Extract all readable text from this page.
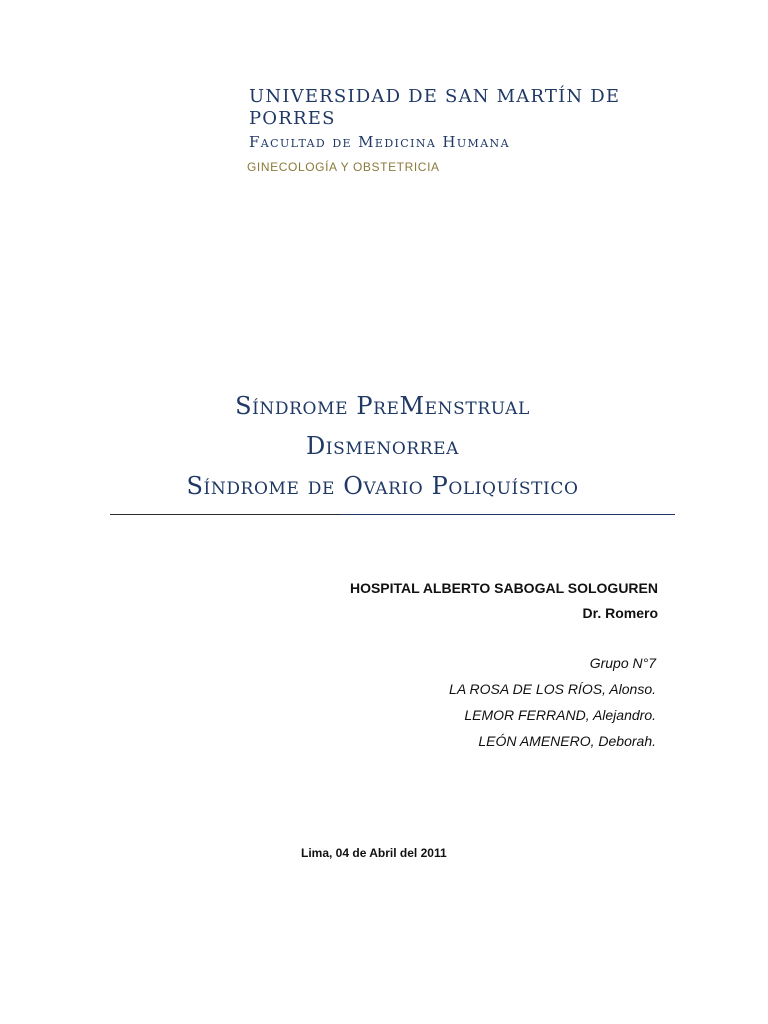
UNIVERSIDAD DE SAN MARTÍN DE PORRES
Facultad de Medicina Humana
GINECOLOGÍA Y OBSTETRICIA
Síndrome PreMenstrual
Dismenorrea
Síndrome de Ovario Poliquístico
HOSPITAL ALBERTO SABOGAL SOLOGUREN
Dr. Romero
Grupo N°7
LA ROSA DE LOS RÍOS, Alonso.
LEMOR FERRAND, Alejandro.
LEÓN AMENERO, Deborah.
Lima, 04 de Abril del 2011
